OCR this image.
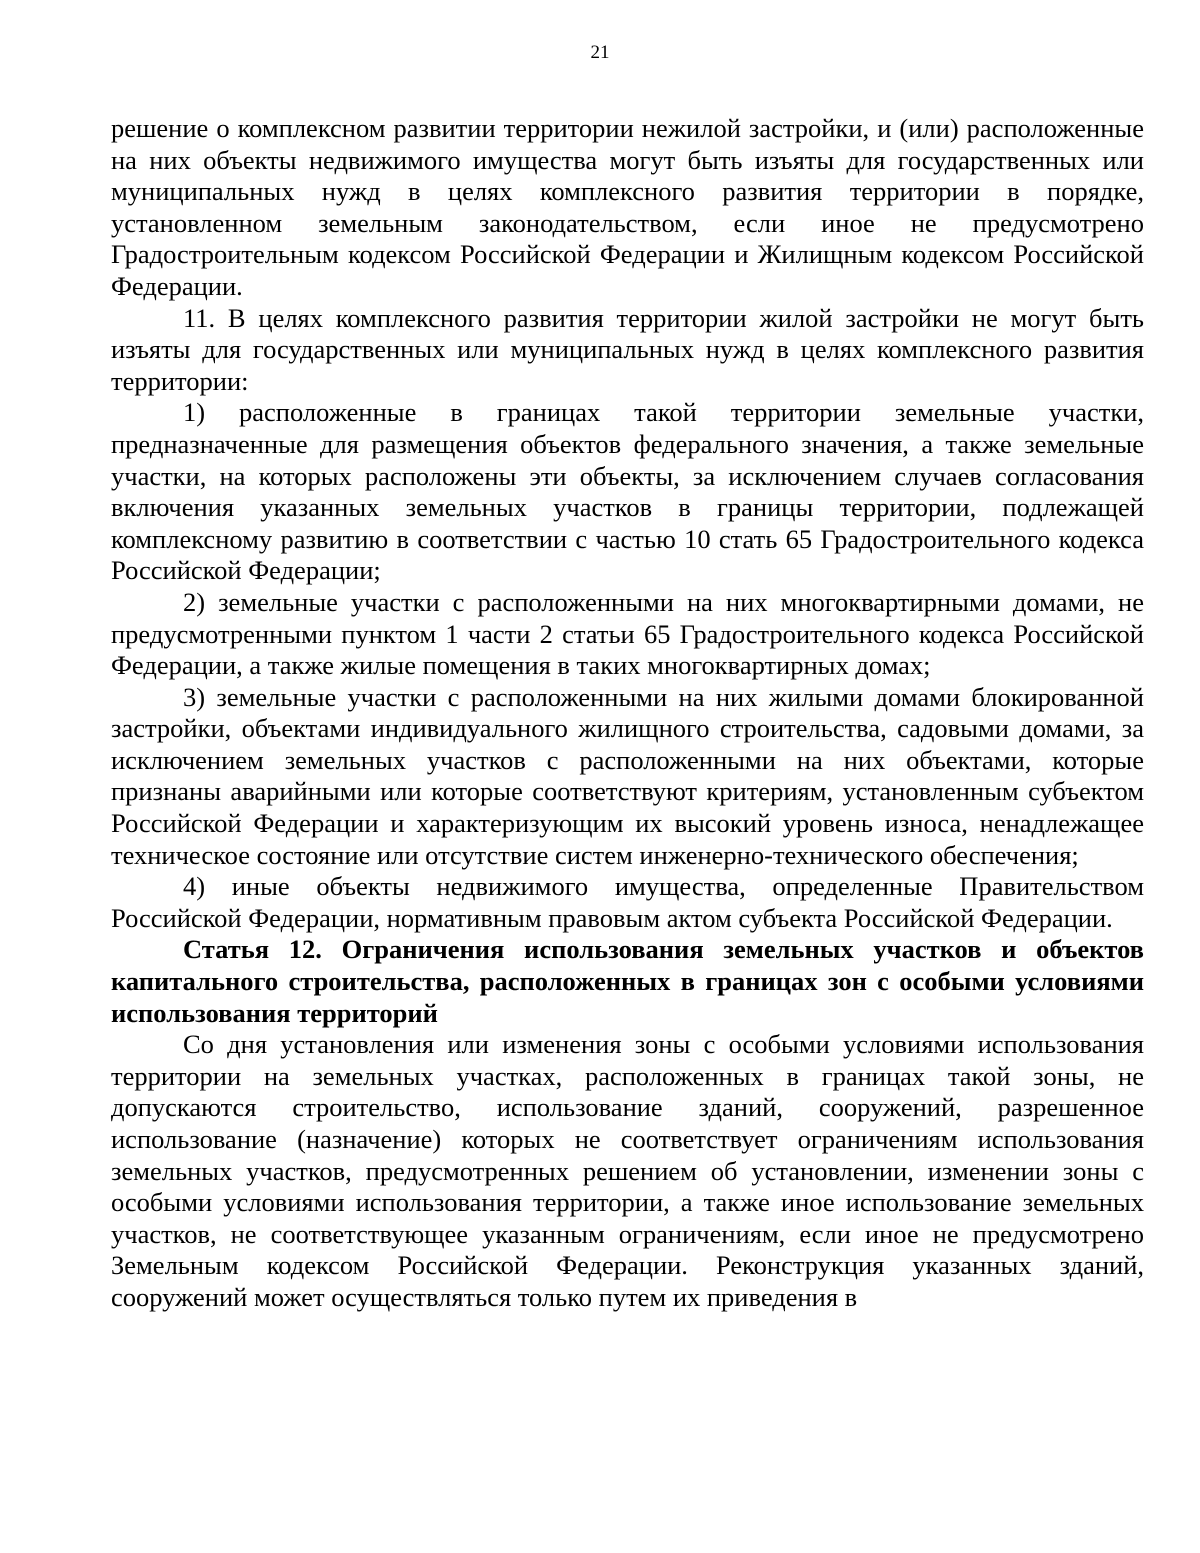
21

решение о комплексном развитии территории нежилой застройки, и (или) расположенные на них объекты недвижимого имущества могут быть изъяты для государственных или муниципальных нужд в целях комплексного развития территории в порядке, установленном земельным законодательством, если иное не предусмотрено Градостроительным кодексом Российской Федерации и Жилищным кодексом Российской Федерации.

11. В целях комплексного развития территории жилой застройки не могут быть изъяты для государственных или муниципальных нужд в целях комплексного развития территории:

1) расположенные в границах такой территории земельные участки, предназначенные для размещения объектов федерального значения, а также земельные участки, на которых расположены эти объекты, за исключением случаев согласования включения указанных земельных участков в границы территории, подлежащей комплексному развитию в соответствии с частью 10 стать 65 Градостроительного кодекса Российской Федерации;

2) земельные участки с расположенными на них многоквартирными домами, не предусмотренными пунктом 1 части 2 статьи 65 Градостроительного кодекса Российской Федерации, а также жилые помещения в таких многоквартирных домах;

3) земельные участки с расположенными на них жилыми домами блокированной застройки, объектами индивидуального жилищного строительства, садовыми домами, за исключением земельных участков с расположенными на них объектами, которые признаны аварийными или которые соответствуют критериям, установленным субъектом Российской Федерации и характеризующим их высокий уровень износа, ненадлежащее техническое состояние или отсутствие систем инженерно-технического обеспечения;

4) иные объекты недвижимого имущества, определенные Правительством Российской Федерации, нормативным правовым актом субъекта Российской Федерации.

Статья 12. Ограничения использования земельных участков и объектов капитального строительства, расположенных в границах зон с особыми условиями использования территорий

Со дня установления или изменения зоны с особыми условиями использования территории на земельных участках, расположенных в границах такой зоны, не допускаются строительство, использование зданий, сооружений, разрешенное использование (назначение) которых не соответствует ограничениям использования земельных участков, предусмотренных решением об установлении, изменении зоны с особыми условиями использования территории, а также иное использование земельных участков, не соответствующее указанным ограничениям, если иное не предусмотрено Земельным кодексом Российской Федерации. Реконструкция указанных зданий, сооружений может осуществляться только путем их приведения в
